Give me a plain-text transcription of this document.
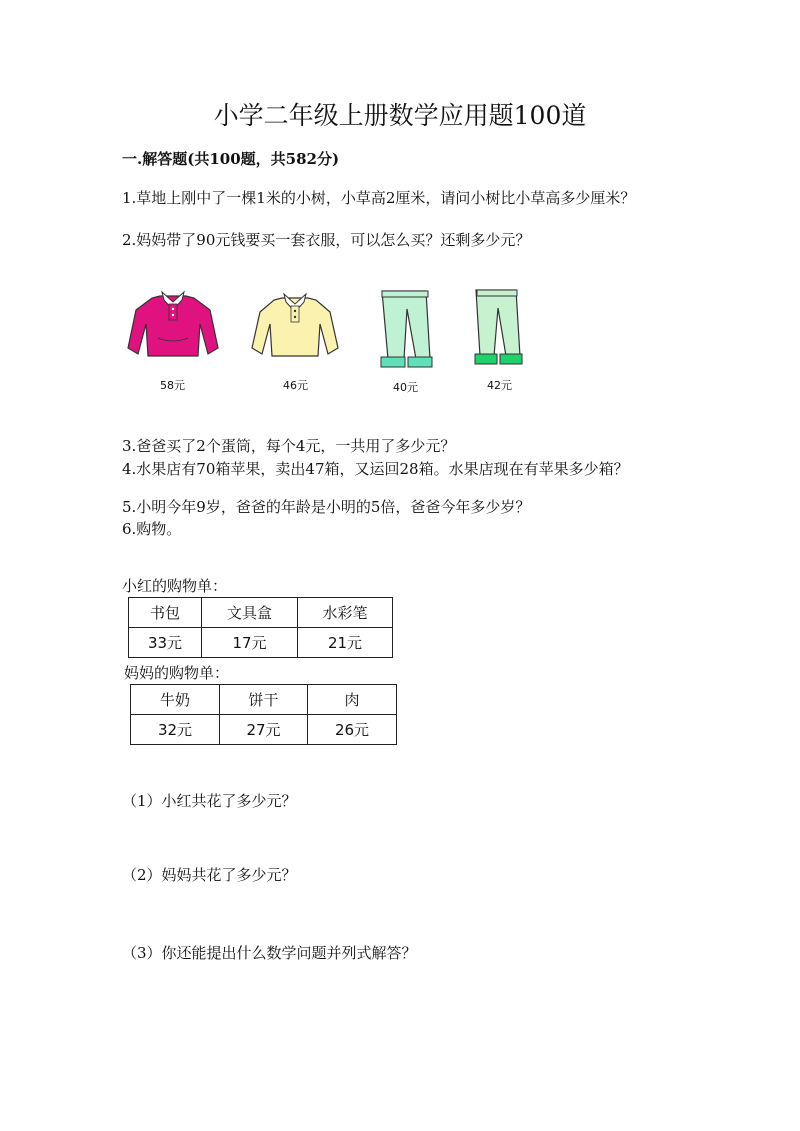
小学二年级上册数学应用题100道
一.解答题(共100题，共582分)
1.草地上刚中了一棵1米的小树，小草高2厘米，请问小树比小草高多少厘米？
2.妈妈带了90元钱要买一套衣服，可以怎么买？还剩多少元？
58元	46元	40元	42元
3.爸爸买了2个蛋筒，每个4元，一共用了多少元？
4.水果店有70箱苹果，卖出47箱，又运回28箱。水果店现在有苹果多少箱？
5.小明今年9岁，爸爸的年龄是小明的5倍，爸爸今年多少岁？
6.购物。
小红的购物单：
书包	文具盒	水彩笔
33元	17元	21元
妈妈的购物单：
牛奶	饼干	肉
32元	27元	26元
（1）小红共花了多少元？
（2）妈妈共花了多少元？
（3）你还能提出什么数学问题并列式解答？
